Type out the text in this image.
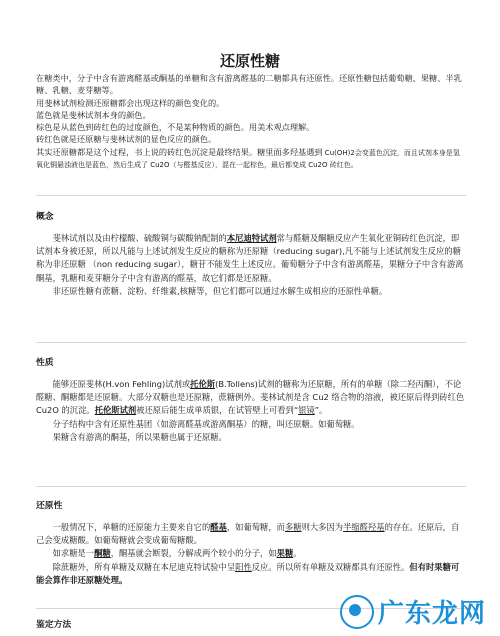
还原性糖

在糖类中，分子中含有游离醛基或酮基的单糖和含有游离醛基的二糖都具有还原性。还原性糖包括葡萄糖、果糖、半乳糖、乳糖、麦芽糖等。

用斐林试剂检测还原糖都会出现这样的颜色变化的。

蓝色就是斐林试剂本身的颜色。

棕色是从蓝色到砖红色的过度颜色，不是某种物质的颜色。用美术观点理解。

砖红色就是还原糖与斐林试剂的显色反应的颜色。

其实还原糖都是这个过程，书上说的砖红色沉淀是最终结果。糖里面多羟基遇到 Cu(OH)2会变蓝色沉淀，而且试剂本身是氢氧化铜悬浊液也是蓝色，然后生成了 Cu2O（与醛基反应），混在一起棕色，最后都变成 Cu2O 砖红色。

概念

斐林试剂以及由柠檬酸、硫酸铜与碳酸钠配制的本尼迪特试剂常与醛糖及酮糖反应产生氧化亚铜砖红色沉淀，即试剂本身被还原，所以凡能与上述试剂发生反应的糖称为还原糖（reducing sugar),凡不能与上述试剂发生反应的糖称为非还原糖 （non reducing sugar），糖苷不能发生上述反应。葡萄糖分子中含有游离醛基，果糖分子中含有游离酮基，乳糖和麦芽糖分子中含有游离的醛基，故它们都是还原糖。

非还原性糖有蔗糖、淀粉、纤维素,核糖等，但它们都可以通过水解生成相应的还原性单糖。

性质

能够还原斐林(H.von Fehling)试剂或托伦斯(B.Tollens)试剂的糖称为还原糖，所有的单糖（除二羟丙酮），不论醛糖、酮糖都是还原糖。大部分双糖也是还原糖，蔗糖例外。斐林试剂是含 Cu2 络合物的溶液，被还原后得到砖红色 Cu2O 的沉淀。托伦斯试剂被还原后能生成单质银，在试管壁上可看到“银镜”。

分子结构中含有还原性基团（如游离醛基或游离酮基）的糖，叫还原糖。如葡萄糖。

果糖含有游离的酮基，所以果糖也属于还原糖。

还原性

一般情况下，单糖的还原能力主要来自它的醛基，如葡萄糖，而多糖则大多因为半缩醛羟基的存在。还原后，自己会变成糖酸。如葡萄糖就会变成葡萄糖酸。

如求糖是一酮糖，酮基就会断裂，分解成两个较小的分子，如果糖。

除蔗糖外，所有单糖及双糖在本尼迪克特试验中呈阳性反应。所以所有单糖及双糖都具有还原性。但有时果糖可能会算作非还原糖处理。

鉴定方法	广东龙网
